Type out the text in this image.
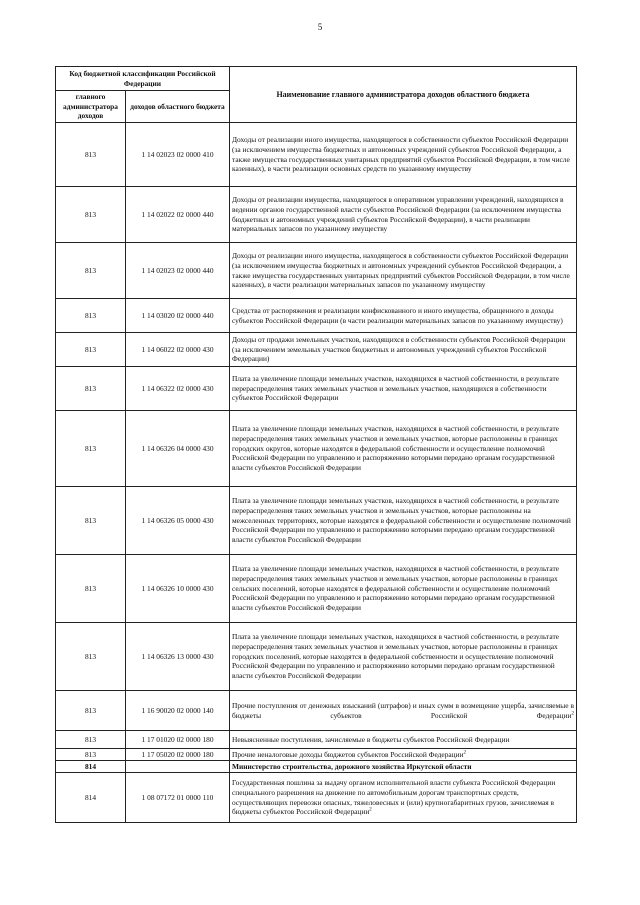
5
Код бюджетной классификации Российской Федерации		Наименование главного администратора доходов областного бюджета
главного администратора доходов	доходов областного бюджета	
813	1 14 02023 02 0000 410	Доходы от реализации иного имущества, находящегося в собственности субъектов Российской Федерации (за исключением имущества бюджетных и автономных учреждений субъектов Российской Федерации, а также имущества государственных унитарных предприятий субъектов Российской Федерации, в том числе казенных), в части реализации основных средств по указанному имуществу
813	1 14 02022 02 0000 440	Доходы от реализации имущества, находящегося в оперативном управлении учреждений, находящихся в ведении органов государственной власти субъектов Российской Федерации (за исключением имущества бюджетных и автономных учреждений субъектов Российской Федерации), в части реализации материальных запасов по указанному имуществу
813	1 14 02023 02 0000 440	Доходы от реализации иного имущества, находящегося в собственности субъектов Российской Федерации (за исключением имущества бюджетных и автономных учреждений субъектов Российской Федерации, а также имущества государственных унитарных предприятий субъектов Российской Федерации, в том числе казенных), в части реализации материальных запасов по указанному имуществу
813	1 14 03020 02 0000 440	Средства от распоряжения и реализации конфискованного и иного имущества, обращенного в доходы субъектов Российской Федерации (в части реализации материальных запасов по указанному имуществу)
813	1 14 06022 02 0000 430	Доходы от продажи земельных участков, находящихся в собственности субъектов Российской Федерации (за исключением земельных участков бюджетных и автономных учреждений субъектов Российской Федерации)
813	1 14 06322 02 0000 430	Плата за увеличение площади земельных участков, находящихся в частной собственности, в результате перераспределения таких земельных участков и земельных участков, находящихся в собственности субъектов Российской Федерации
813	1 14 06326 04 0000 430	Плата за увеличение площади земельных участков, находящихся в частной собственности, в результате перераспределения таких земельных участков и земельных участков, которые расположены в границах городских округов, которые находятся в федеральной собственности и осуществление полномочий Российской Федерации по управлению и распоряжению которыми передано органам государственной власти субъектов Российской Федерации
813	1 14 06326 05 0000 430	Плата за увеличение площади земельных участков, находящихся в частной собственности, в результате перераспределения таких земельных участков и земельных участков, которые расположены на межселенных территориях, которые находятся в федеральной собственности и осуществление полномочий Российской Федерации по управлению и распоряжению которыми передано органам государственной власти субъектов Российской Федерации
813	1 14 06326 10 0000 430	Плата за увеличение площади земельных участков, находящихся в частной собственности, в результате перераспределения таких земельных участков и земельных участков, которые расположены в границах сельских поселений, которые находятся в федеральной собственности и осуществление полномочий Российской Федерации по управлению и распоряжению которыми передано органам государственной власти субъектов Российской Федерации
813	1 14 06326 13 0000 430	Плата за увеличение площади земельных участков, находящихся в частной собственности, в результате перераспределения таких земельных участков и земельных участков, которые расположены в границах городских поселений, которые находятся в федеральной собственности и осуществление полномочий Российской Федерации по управлению и распоряжению которыми передано органам государственной власти субъектов Российской Федерации
813	1 16 90020 02 0000 140	Прочие поступления от денежных взысканий (штрафов) и иных сумм в возмещение ущерба, зачисляемые в бюджеты субъектов Российской Федерации$^2$
813	1 17 01020 02 0000 180	Невыясненные поступления, зачисляемые в бюджеты субъектов Российской Федерации
813	1 17 05020 02 0000 180	Прочие неналоговые доходы бюджетов субъектов Российской Федерации$^2$
814		Министерство строительства, дорожного хозяйства Иркутской области
814	1 08 07172 01 0000 110	Государственная пошлина за выдачу органом исполнительной власти субъекта Российской Федерации специального разрешения на движение по автомобильным дорогам транспортных средств, осуществляющих перевозки опасных, тяжеловесных и (или) крупногабаритных грузов, зачисляемая в бюджеты субъектов Российской Федерации$^2$
